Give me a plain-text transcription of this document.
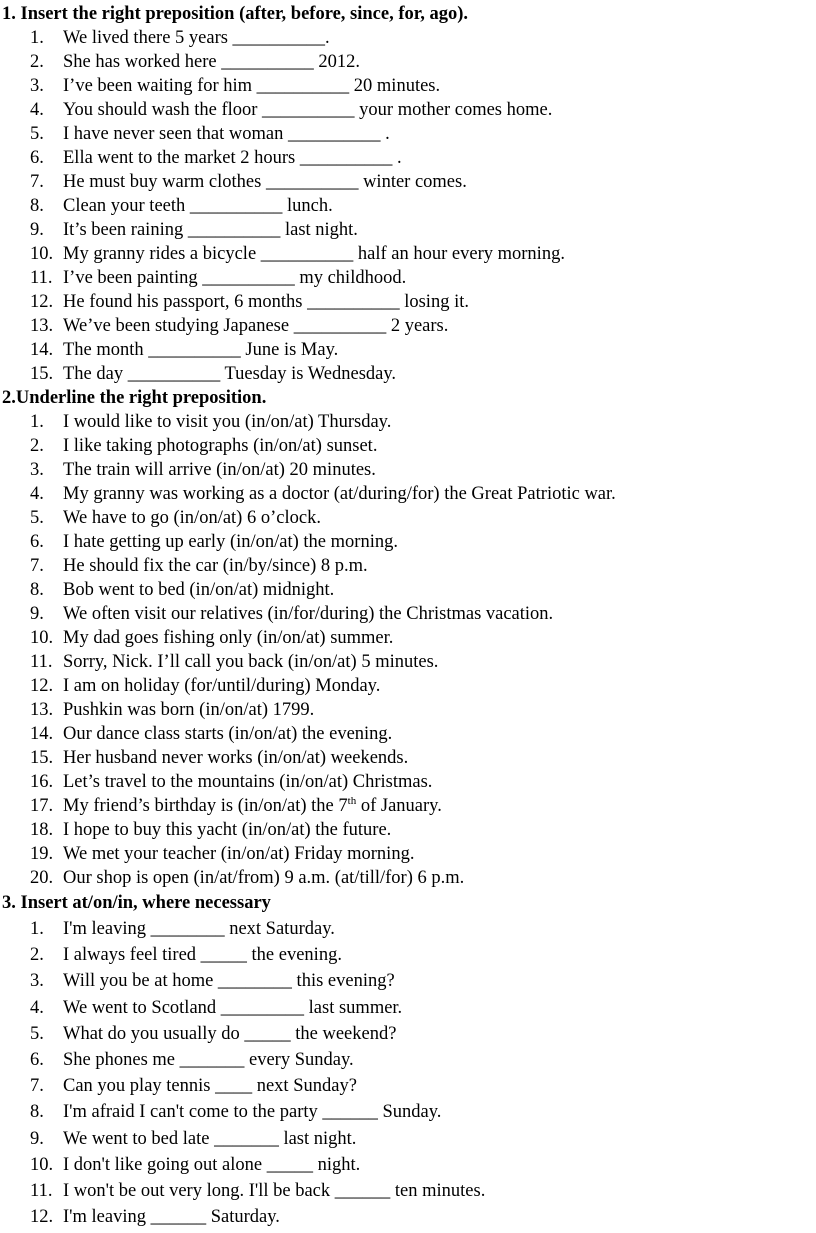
1. Insert the right preposition (after, before, since, for, ago).
1. We lived there 5 years __________.
2. She has worked here __________ 2012.
3. I’ve been waiting for him __________ 20 minutes.
4. You should wash the floor __________ your mother comes home.
5. I have never seen that woman __________ .
6. Ella went to the market 2 hours __________ .
7. He must buy warm clothes __________ winter comes.
8. Clean your teeth __________ lunch.
9. It’s been raining __________ last night.
10. My granny rides a bicycle __________ half an hour every morning.
11. I’ve been painting __________ my childhood.
12. He found his passport, 6 months __________ losing it.
13. We’ve been studying Japanese __________ 2 years.
14. The month __________ June is May.
15. The day __________ Tuesday is Wednesday.
2.Underline the right preposition.
1. I would like to visit you (in/on/at) Thursday.
2. I like taking photographs (in/on/at) sunset.
3. The train will arrive (in/on/at) 20 minutes.
4. My granny was working as a doctor (at/during/for) the Great Patriotic war.
5. We have to go (in/on/at) 6 o’clock.
6. I hate getting up early (in/on/at) the morning.
7. He should fix the car (in/by/since) 8 p.m.
8. Bob went to bed (in/on/at) midnight.
9. We often visit our relatives (in/for/during) the Christmas vacation.
10. My dad goes fishing only (in/on/at) summer.
11. Sorry, Nick. I’ll call you back (in/on/at) 5 minutes.
12. I am on holiday (for/until/during) Monday.
13. Pushkin was born (in/on/at) 1799.
14. Our dance class starts (in/on/at) the evening.
15. Her husband never works (in/on/at) weekends.
16. Let’s travel to the mountains (in/on/at) Christmas.
17. My friend’s birthday is (in/on/at) the 7th of January.
18. I hope to buy this yacht (in/on/at) the future.
19. We met your teacher (in/on/at) Friday morning.
20. Our shop is open (in/at/from) 9 a.m. (at/till/for) 6 p.m.
3. Insert at/on/in, where necessary
1. I'm leaving ________ next Saturday.
2. I always feel tired _____ the evening.
3. Will you be at home ________ this evening?
4. We went to Scotland _________ last summer.
5. What do you usually do _____ the weekend?
6. She phones me _______ every Sunday.
7. Can you play tennis ____ next Sunday?
8. I'm afraid I can't come to the party ______ Sunday.
9. We went to bed late _______ last night.
10. I don't like going out alone _____ night.
11. I won't be out very long. I'll be back ______ ten minutes.
12. I'm leaving ______ Saturday.
